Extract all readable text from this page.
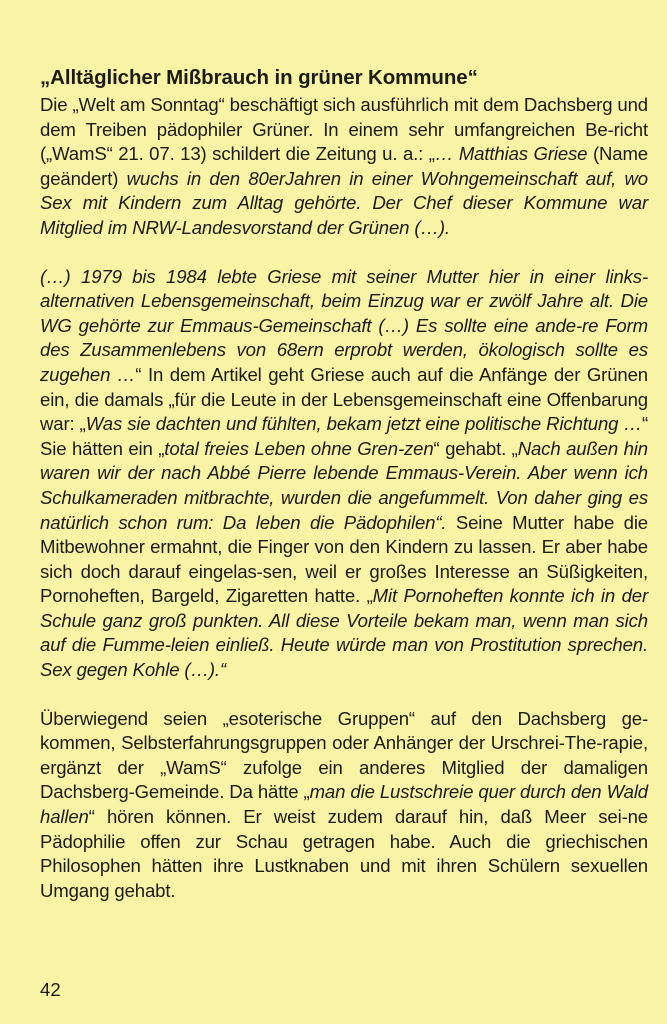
„Alltäglicher Mißbrauch in grüner Kommune“

Die „Welt am Sonntag“ beschäftigt sich ausführlich mit dem Dachsberg und dem Treiben pädophiler Grüner. In einem sehr umfangreichen Be-richt („WamS“ 21. 07. 13) schildert die Zeitung u. a.: „… Matthias Griese (Name geändert) wuchs in den 80erJahren in einer Wohngemeinschaft auf, wo Sex mit Kindern zum Alltag gehörte. Der Chef dieser Kommune war Mitglied im NRW-Landesvorstand der Grünen (…).

(…) 1979 bis 1984 lebte Griese mit seiner Mutter hier in einer links-alternativen Lebensgemeinschaft, beim Einzug war er zwölf Jahre alt. Die WG gehörte zur Emmaus-Gemeinschaft (…) Es sollte eine ande-re Form des Zusammenlebens von 68ern erprobt werden, ökologisch sollte es zugehen …“ In dem Artikel geht Griese auch auf die Anfänge der Grünen ein, die damals „für die Leute in der Lebensgemeinschaft eine Offenbarung war: „Was sie dachten und fühlten, bekam jetzt eine politische Richtung …“ Sie hätten ein „total freies Leben ohne Gren-zen“ gehabt. „Nach außen hin waren wir der nach Abbé Pierre lebende Emmaus-Verein. Aber wenn ich Schulkameraden mitbrachte, wurden die angefummelt. Von daher ging es natürlich schon rum: Da leben die Pädophilen“. Seine Mutter habe die Mitbewohner ermahnt, die Finger von den Kindern zu lassen. Er aber habe sich doch darauf eingelas-sen, weil er großes Interesse an Süßigkeiten, Pornoheften, Bargeld, Zigaretten hatte. „Mit Pornoheften konnte ich in der Schule ganz groß punkten. All diese Vorteile bekam man, wenn man sich auf die Fumme-leien einließ. Heute würde man von Prostitution sprechen. Sex gegen Kohle (…).“

Überwiegend seien „esoterische Gruppen“ auf den Dachsberg ge-kommen, Selbsterfahrungsgruppen oder Anhänger der Urschrei-The-rapie, ergänzt der „WamS“ zufolge ein anderes Mitglied der damaligen Dachsberg-Gemeinde. Da hätte „man die Lustschreie quer durch den Wald hallen“ hören können. Er weist zudem darauf hin, daß Meer sei-ne Pädophilie offen zur Schau getragen habe. Auch die griechischen Philosophen hätten ihre Lustknaben und mit ihren Schülern sexuellen Umgang gehabt.

42
